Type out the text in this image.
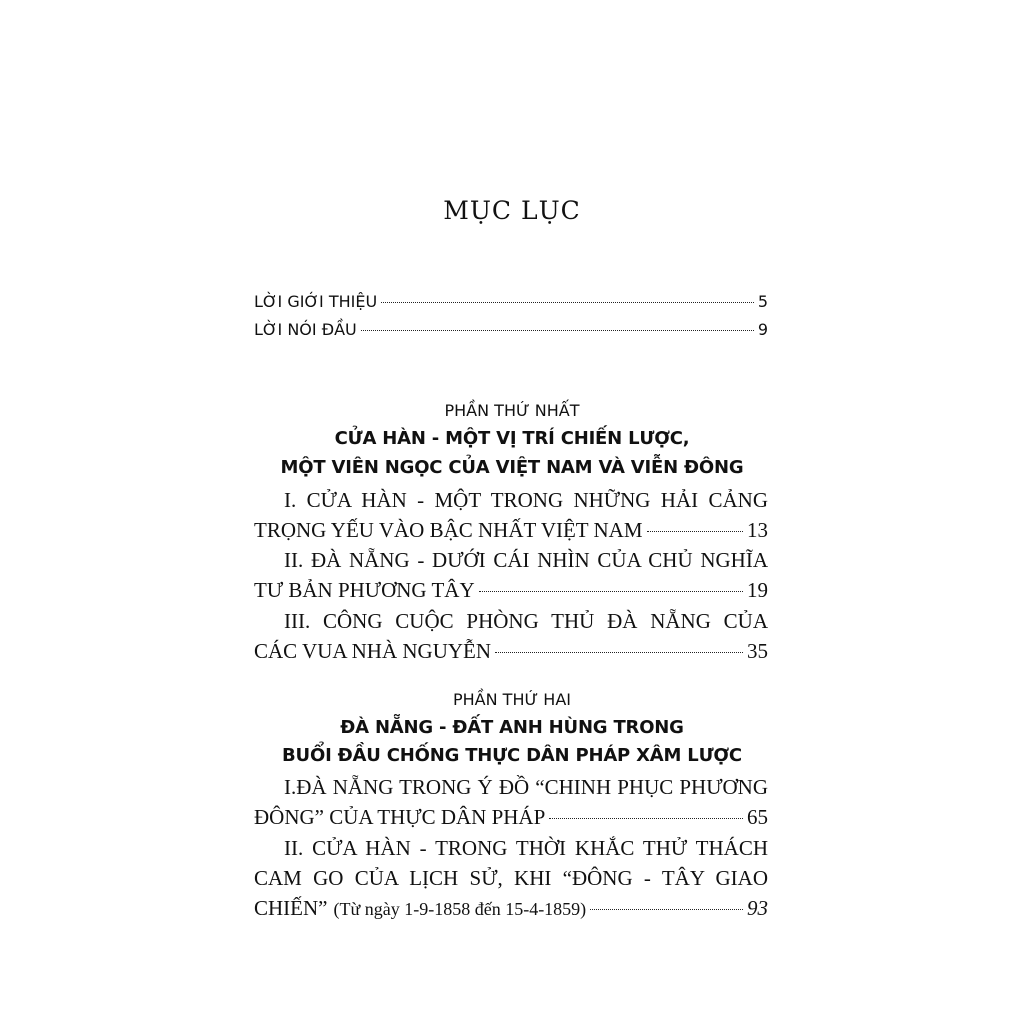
MỤC LỤC
LỜI GIỚI THIỆU	5
LỜI NÓI ĐẦU	9
PHẦN THỨ NHẤT
CỬA HÀN - MỘT VỊ TRÍ CHIẾN LƯỢC,
MỘT VIÊN NGỌC CỦA VIỆT NAM VÀ VIỄN ĐÔNG
I. CỬA HÀN - MỘT TRONG NHỮNG HẢI CẢNG
TRỌNG YẾU VÀO BẬC NHẤT VIỆT NAM	13
II. ĐÀ NẴNG - DƯỚI CÁI NHÌN CỦA CHỦ NGHĨA
TƯ BẢN PHƯƠNG TÂY	19
III. CÔNG CUỘC PHÒNG THỦ ĐÀ NẴNG CỦA
CÁC VUA NHÀ NGUYỄN	35
PHẦN THỨ HAI
ĐÀ NẴNG - ĐẤT ANH HÙNG TRONG
BUỔI ĐẦU CHỐNG THỰC DÂN PHÁP XÂM LƯỢC
I.ĐÀ NẴNG TRONG Ý ĐỒ “CHINH PHỤC PHƯƠNG
ĐÔNG” CỦA THỰC DÂN PHÁP	65
II. CỬA HÀN - TRONG THỜI KHẮC THỬ THÁCH
CAM GO CỦA LỊCH SỬ, KHI “ĐÔNG - TÂY GIAO
CHIẾN” (Từ ngày 1-9-1858 đến 15-4-1859)	93
